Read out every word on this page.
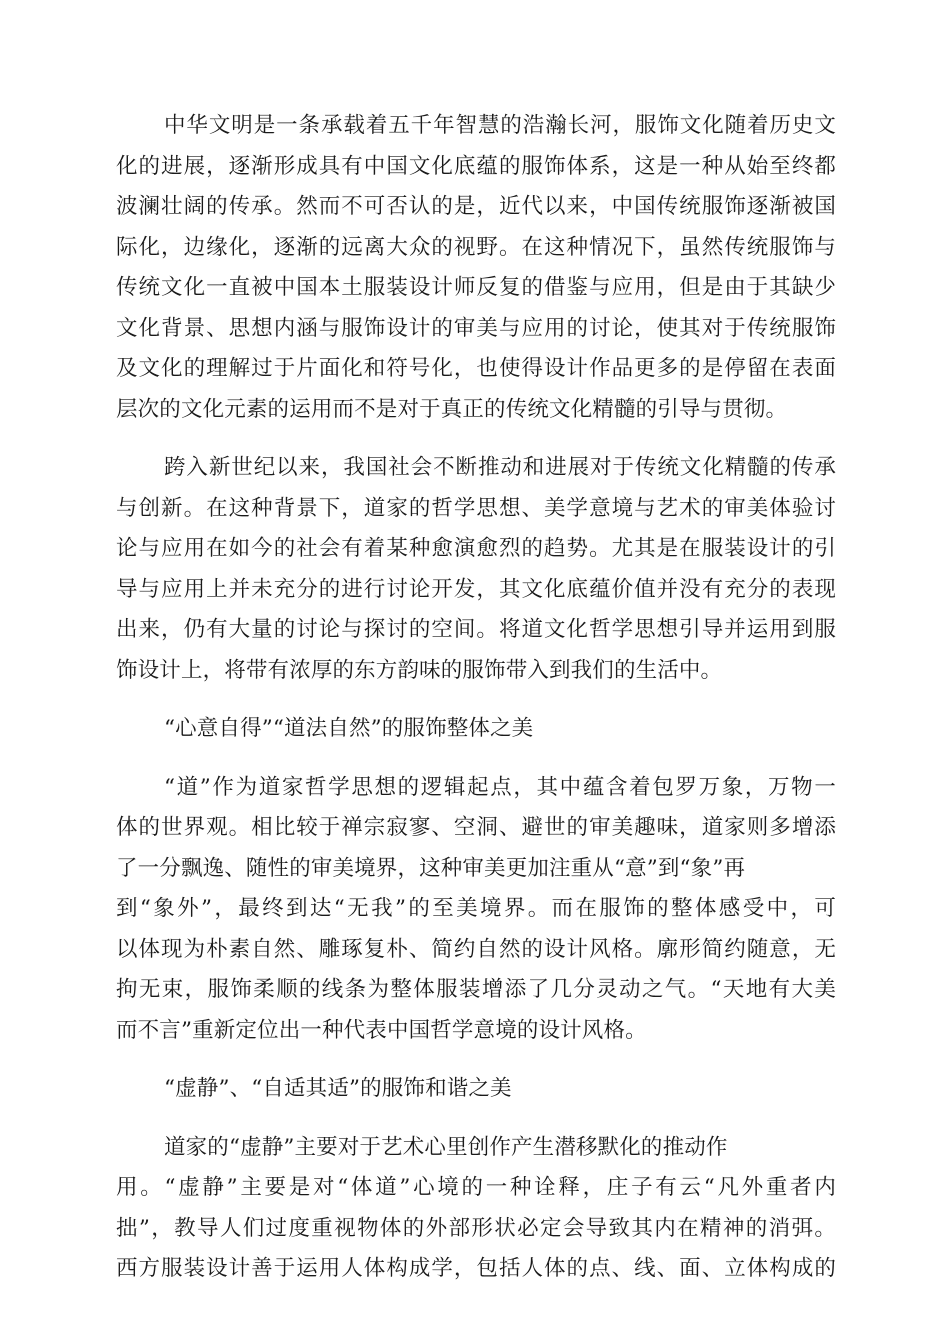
中华文明是一条承载着五千年智慧的浩瀚长河，服饰文化随着历史文
化的进展，逐渐形成具有中国文化底蕴的服饰体系，这是一种从始至终都
波澜壮阔的传承。然而不可否认的是，近代以来，中国传统服饰逐渐被国
际化，边缘化，逐渐的远离大众的视野。在这种情况下，虽然传统服饰与
传统文化一直被中国本土服装设计师反复的借鉴与应用，但是由于其缺少
文化背景、思想内涵与服饰设计的审美与应用的讨论，使其对于传统服饰
及文化的理解过于片面化和符号化，也使得设计作品更多的是停留在表面
层次的文化元素的运用而不是对于真正的传统文化精髓的引导与贯彻。
跨入新世纪以来，我国社会不断推动和进展对于传统文化精髓的传承
与创新。在这种背景下，道家的哲学思想、美学意境与艺术的审美体验讨
论与应用在如今的社会有着某种愈演愈烈的趋势。尤其是在服装设计的引
导与应用上并未充分的进行讨论开发，其文化底蕴价值并没有充分的表现
出来，仍有大量的讨论与探讨的空间。将道文化哲学思想引导并运用到服
饰设计上，将带有浓厚的东方韵味的服饰带入到我们的生活中。
“心意自得”“道法自然”的服饰整体之美
“道”作为道家哲学思想的逻辑起点，其中蕴含着包罗万象，万物一
体的世界观。相比较于禅宗寂寥、空洞、避世的审美趣味，道家则多增添
了一分飘逸、随性的审美境界，这种审美更加注重从“意”到“象”再
到“象外”，最终到达“无我”的至美境界。而在服饰的整体感受中，可
以体现为朴素自然、雕琢复朴、简约自然的设计风格。廓形简约随意，无
拘无束，服饰柔顺的线条为整体服装增添了几分灵动之气。“天地有大美
而不言”重新定位出一种代表中国哲学意境的设计风格。
“虚静”、“自适其适”的服饰和谐之美
道家的“虚静”主要对于艺术心里创作产生潜移默化的推动作
用。“虚静”主要是对“体道”心境的一种诠释，庄子有云“凡外重者内
拙”，教导人们过度重视物体的外部形状必定会导致其内在精神的消弭。
西方服装设计善于运用人体构成学，包括人体的点、线、面、立体构成的
